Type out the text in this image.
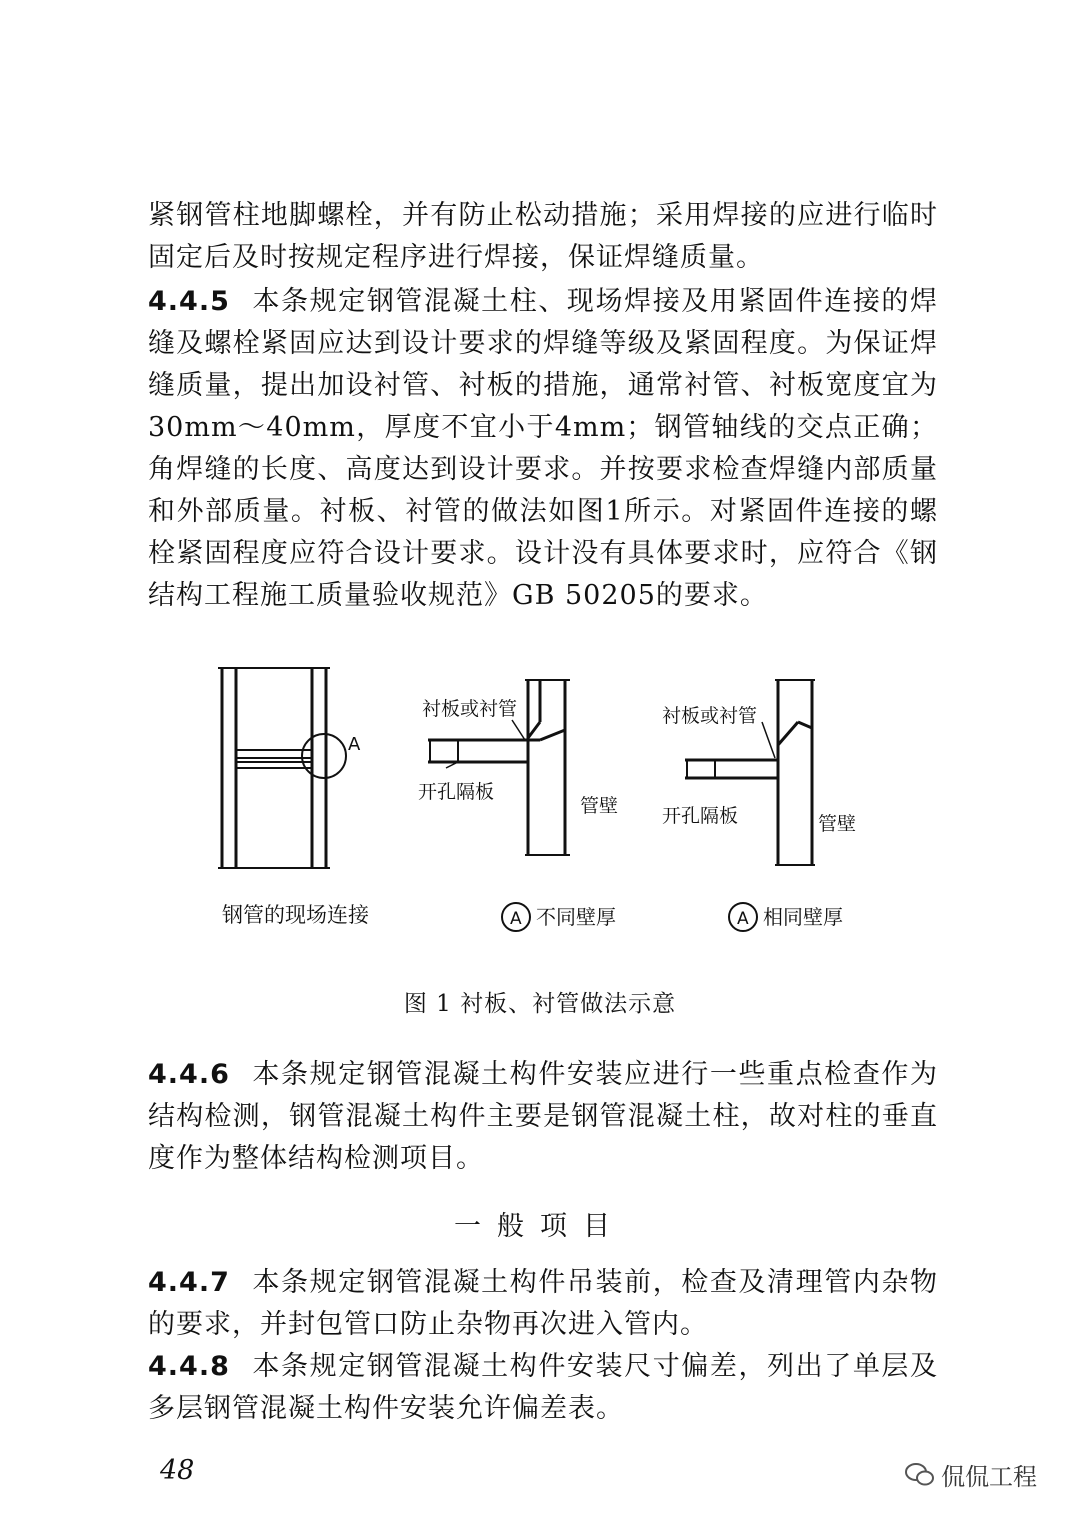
紧钢管柱地脚螺栓，并有防止松动措施；采用焊接的应进行临时固定后及时按规定程序进行焊接，保证焊缝质量。

4.4.5 本条规定钢管混凝土柱、现场焊接及用紧固件连接的焊缝及螺栓紧固应达到设计要求的焊缝等级及紧固程度。为保证焊缝质量，提出加设衬管、衬板的措施，通常衬管、衬板宽度宜为30mm～40mm，厚度不宜小于4mm；钢管轴线的交点正确；角焊缝的长度、高度达到设计要求。并按要求检查焊缝内部质量和外部质量。衬板、衬管的做法如图1所示。对紧固件连接的螺栓紧固程度应符合设计要求。设计没有具体要求时，应符合《钢结构工程施工质量验收规范》GB 50205的要求。

A
钢管的现场连接
衬板或衬管
开孔隔板
管壁
A 不同壁厚
衬板或衬管
开孔隔板	管壁
A 相同壁厚
图 1 衬板、衬管做法示意

4.4.6 本条规定钢管混凝土构件安装应进行一些重点检查作为结构检测，钢管混凝土构件主要是钢管混凝土柱，故对柱的垂直度作为整体结构检测项目。

一般项目

4.4.7 本条规定钢管混凝土构件吊装前，检查及清理管内杂物的要求，并封包管口防止杂物再次进入管内。

4.4.8 本条规定钢管混凝土构件安装尺寸偏差，列出了单层及多层钢管混凝土构件安装允许偏差表。

48	侃侃工程
